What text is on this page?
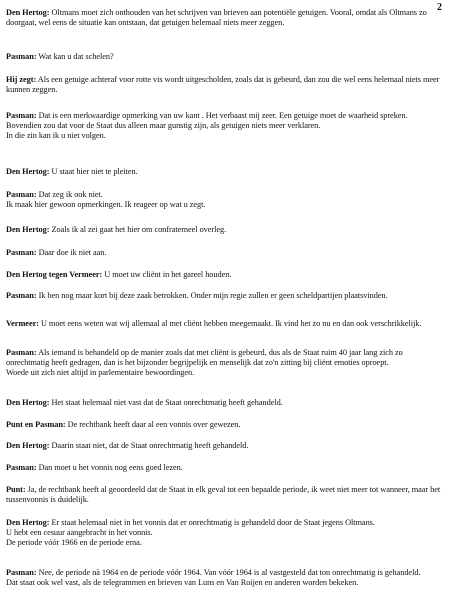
2
Den Hertog: Oltmans moet zich onthouden van het schrijven van brieven aan potentiële getuigen. Vooral, omdat als Oltmans zo doorgaat, wel eens de situatie kan ontstaan, dat getuigen helemaal niets meer zeggen.
Pasman: Wat kan u dat schelen?
Hij zegt: Als een getuige achteraf voor rotte vis wordt uitgescholden, zoals dat is gebeurd, dan zou die wel eens helemaal niets meer kunnen zeggen.
Pasman: Dat is een merkwaardige opmerking van uw kant . Het verbaast mij zeer. Een getuige moet de waarheid spreken.
Bovendien zou dat voor de Staat dus alleen maar gunstig zijn, als getuigen niets meer verklaren.
In die zin kan ik u niet volgen.
Den Hertog: U staat hier niet te pleiten.
Pasman: Dat zeg ik ook niet.
Ik maak hier gewoon opmerkingen. Ik reageer op wat u zegt.
Den Hertog: Zoals ik al zei gaat het hier om confraterneel overleg.
Pasman: Daar doe ik niet aan.
Den Hertog tegen Vermeer: U moet uw cliënt in het gareel houden.
Pasman: Ik ben nog maar kort bij deze zaak betrokken. Onder mijn regie zullen er geen scheldpartijen plaatsvinden.
Vermeer: U moet eens weten wat wij allemaal al met cliënt hebben meegemaakt. Ik vind het zo nu en dan ook verschrikkelijk.
Pasman: Als iemand is behandeld op de manier zoals dat met cliënt is gebeurd, dus als de Staat ruim 40 jaar lang zich zo onrechtmatig heeft gedragen, dan is het bijzonder begrijpelijk en menselijk dat zo'n zitting bij cliënt emoties oproept.
Woede uit zich niet altijd in parlementaire bewoordingen.
Den Hertog: Het staat helemaal niet vast dat de Staat onrechtmatig heeft gehandeld.
Punt en Pasman: De rechtbank heeft daar al een vonnis over gewezen.
Den Hertog: Daarin staat niet, dat de Staat onrechtmatig heeft gehandeld.
Pasman: Dan moet u het vonnis nog eens goed lezen.
Punt: Ja, de rechtbank heeft al geoordeeld dat de Staat in elk geval tot een bepaalde periode, ik weet niet meer tot wanneer, maar het tussenvonnis is duidelijk.
Den Hertog: Er staat helemaal niet in het vonnis dat er onrechtmatig is gehandeld door de Staat jegens Oltmans.
U hebt een cesuur aangebracht in het vonnis.
De periode vóór 1966 en de periode erna.
Pasman: Nee, de periode nà 1964 en de periode vóór 1964. Van vóór 1964 is al vastgesteld dat ton onrechtmatig is gehandeld.
Dat staat ook wel vast, als de telegrammen en brieven van Luns en Van Roijen en anderen worden bekeken.
